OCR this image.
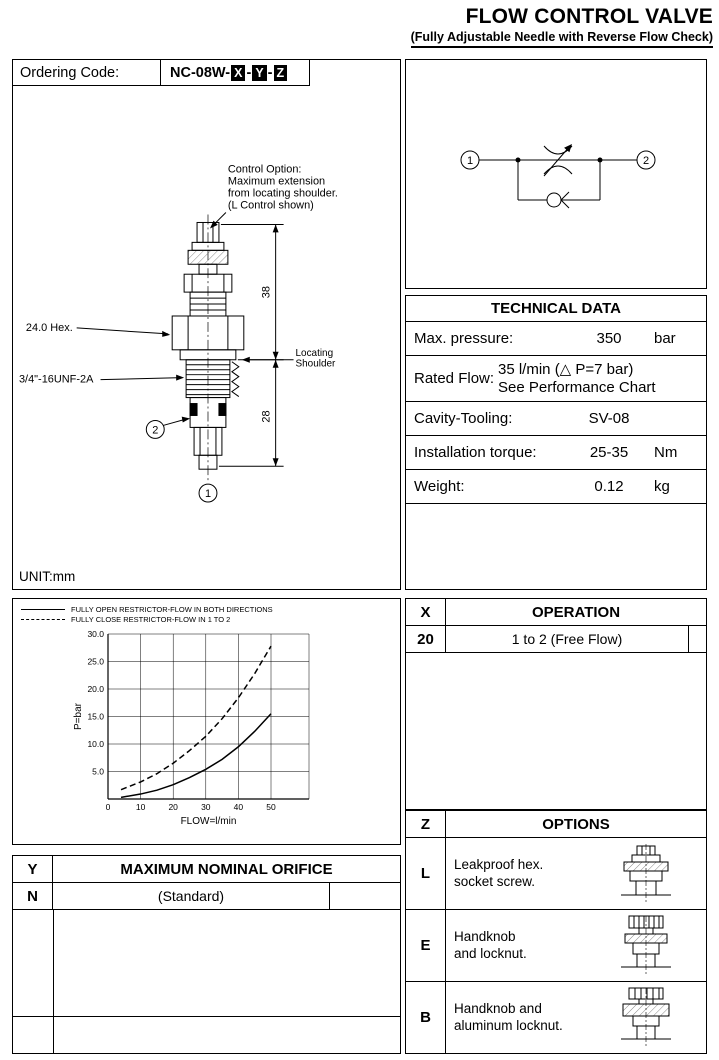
FLOW CONTROL VALVE
(Fully Adjustable Needle with Reverse Flow Check)
Control Option:
Maximum extension
from locating shoulder.
(L Control shown)
38
28
24.0 Hex.
3/4"-16UNF-2A
Locating
Shoulder
2
1
UNIT:mm
Ordering Code:	NC-08W- X - Y - Z
1	2
TECHNICAL DATA
Max. pressure:	350	bar
Rated Flow:
35 l/min (△ P=7 bar)
See Performance Chart
Cavity-Tooling:	SV-08
Installation torque:	25-35	Nm
Weight:	0.12	kg
FULLY OPEN RESTRICTOR-FLOW IN BOTH DIRECTIONS
FULLY CLOSE RESTRICTOR-FLOW IN 1 TO 2
5.0
10.0
15.0
20.0
25.0
30.0
0	10	20	30	40	50
FLOW=l/min
P=bar
X	OPERATION
20	1 to 2 (Free Flow)
Y	MAXIMUM NOMINAL ORIFICE
N	(Standard)
Z	OPTIONS
L
Leakproof hex.
socket screw.
E
Handknob
and locknut.
B
Handknob and
aluminum locknut.
